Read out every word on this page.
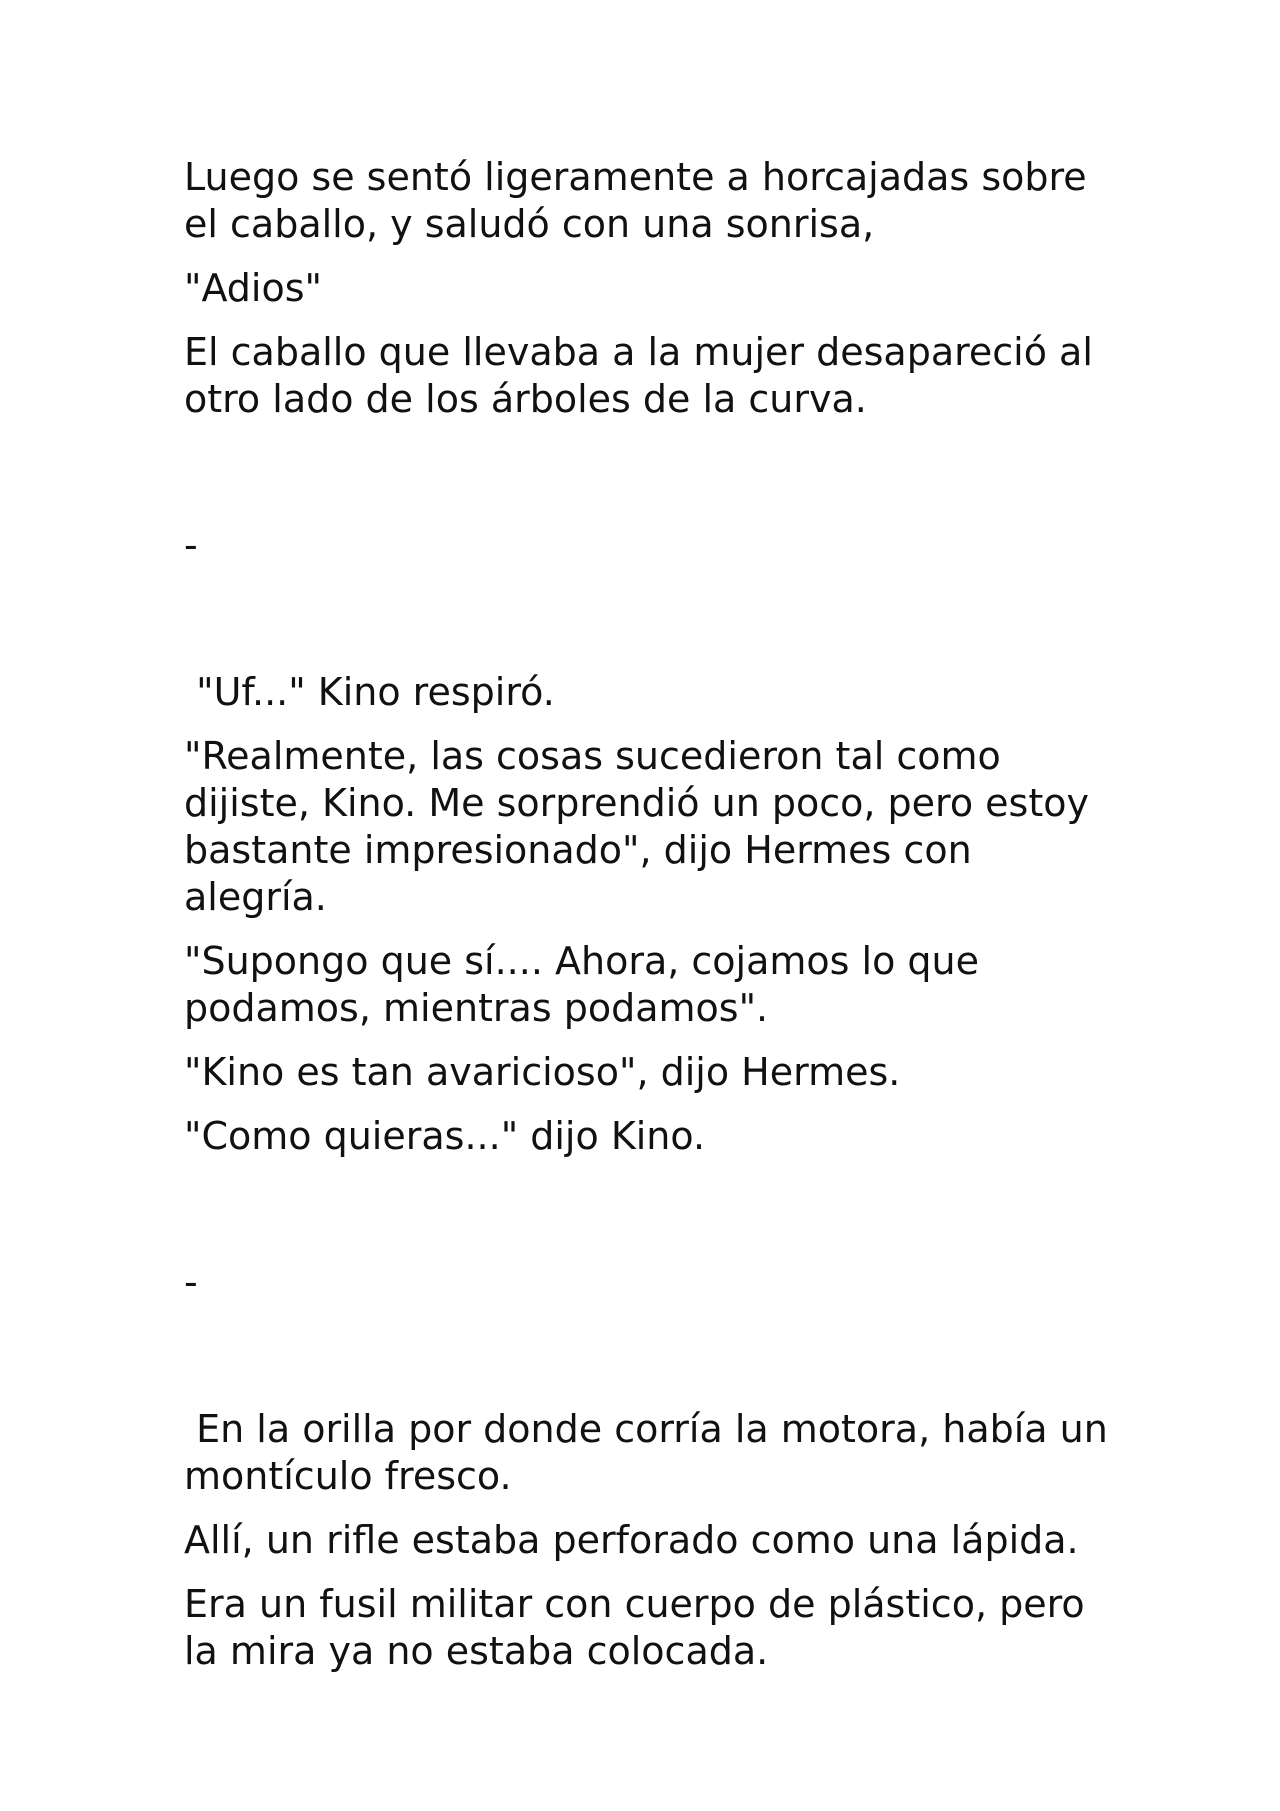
Luego se sentó ligeramente a horcajadas sobre el caballo, y saludó con una sonrisa,

"Adios"

El caballo que llevaba a la mujer desapareció al otro lado de los árboles de la curva.

-

"Uf..." Kino respiró.

"Realmente, las cosas sucedieron tal como dijiste, Kino. Me sorprendió un poco, pero estoy bastante impresionado", dijo Hermes con alegría.

"Supongo que sí.... Ahora, cojamos lo que podamos, mientras podamos".

"Kino es tan avaricioso", dijo Hermes.

"Como quieras..." dijo Kino.

-

En la orilla por donde corría la motora, había un montículo fresco.

Allí, un rifle estaba perforado como una lápida.

Era un fusil militar con cuerpo de plástico, pero la mira ya no estaba colocada.
